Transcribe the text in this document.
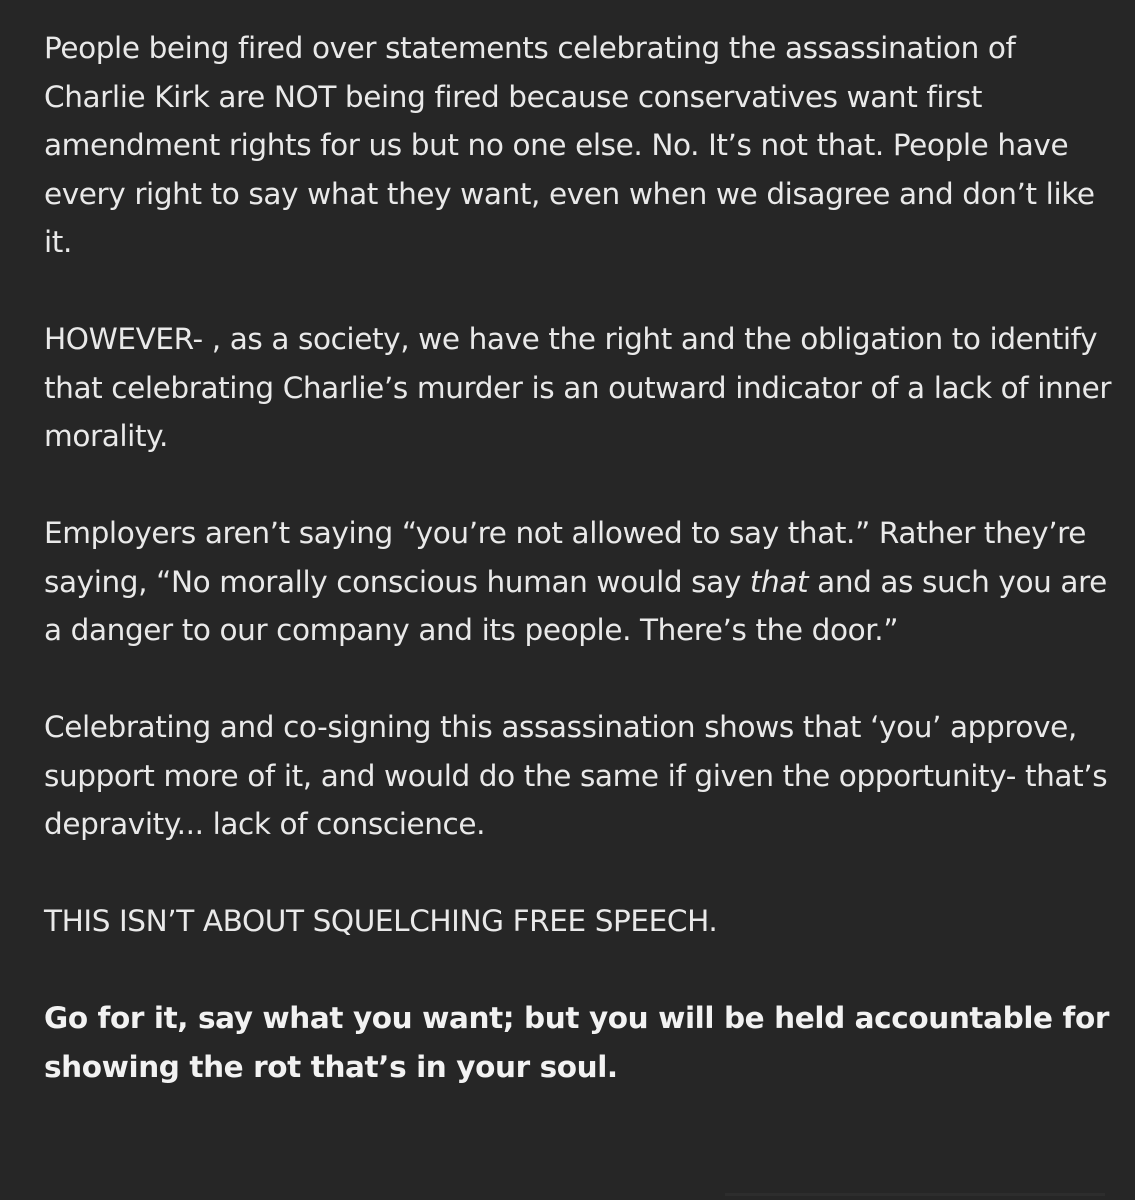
People being fired over statements celebrating the assassination of Charlie Kirk are NOT being fired because conservatives want first amendment rights for us but no one else. No. It’s not that. People have every right to say what they want, even when we disagree and don’t like it.

HOWEVER- , as a society, we have the right and the obligation to identify that celebrating Charlie’s murder is an outward indicator of a lack of inner morality.

Employers aren’t saying “you’re not allowed to say that.” Rather they’re saying, “No morally conscious human would say that and as such you are a danger to our company and its people. There’s the door.”

Celebrating and co-signing this assassination shows that ‘you’ approve, support more of it, and would do the same if given the opportunity- that’s depravity... lack of conscience.

THIS ISN’T ABOUT SQUELCHING FREE SPEECH.

Go for it, say what you want; but you will be held accountable for showing the rot that’s in your soul.
